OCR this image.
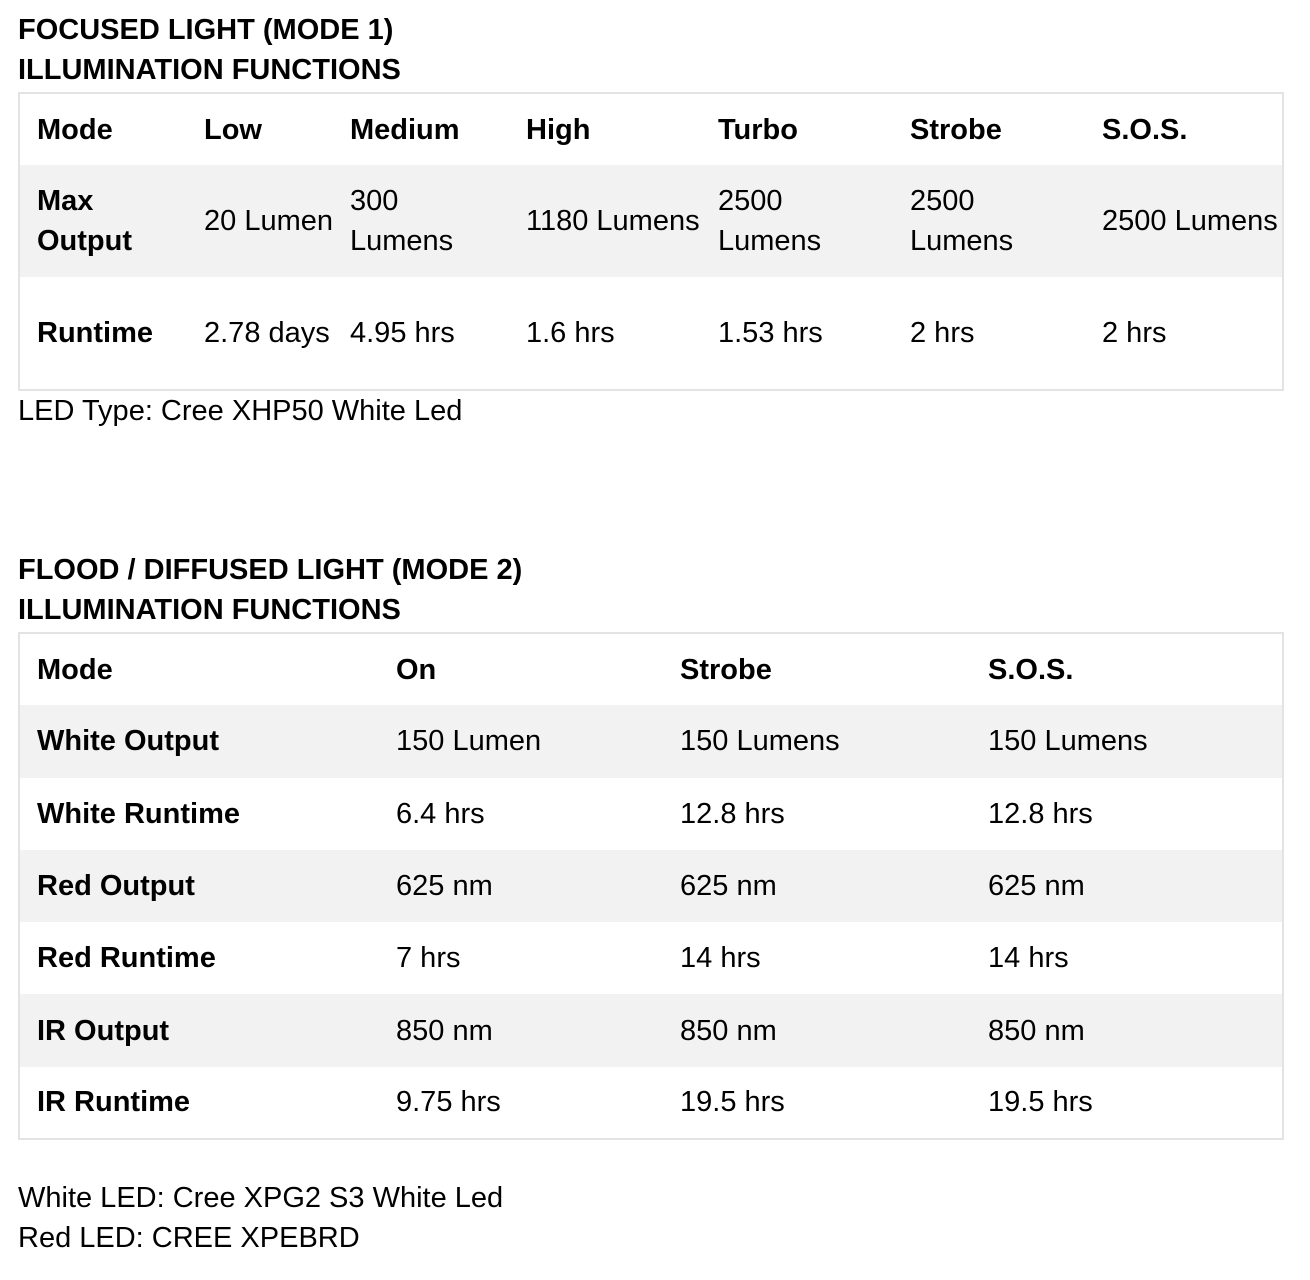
FOCUSED LIGHT (MODE 1)
ILLUMINATION FUNCTIONS
Mode	Low	Medium	High	Turbo	Strobe	S.O.S.
Max Output	20 Lumen	300 Lumens	1180 Lumens	2500 Lumens	2500 Lumens	2500 Lumens
Runtime	2.78 days	4.95 hrs	1.6 hrs	1.53 hrs	2 hrs	2 hrs

LED Type: Cree XHP50 White Led

FLOOD / DIFFUSED LIGHT (MODE 2)
ILLUMINATION FUNCTIONS
Mode	On	Strobe	S.O.S.
White Output	150 Lumen	150 Lumens	150 Lumens
White Runtime	6.4 hrs	12.8 hrs	12.8 hrs
Red Output	625 nm	625 nm	625 nm
Red Runtime	7 hrs	14 hrs	14 hrs
IR Output	850 nm	850 nm	850 nm
IR Runtime	9.75 hrs	19.5 hrs	19.5 hrs

White LED: Cree XPG2 S3 White Led
Red LED: CREE XPEBRD
